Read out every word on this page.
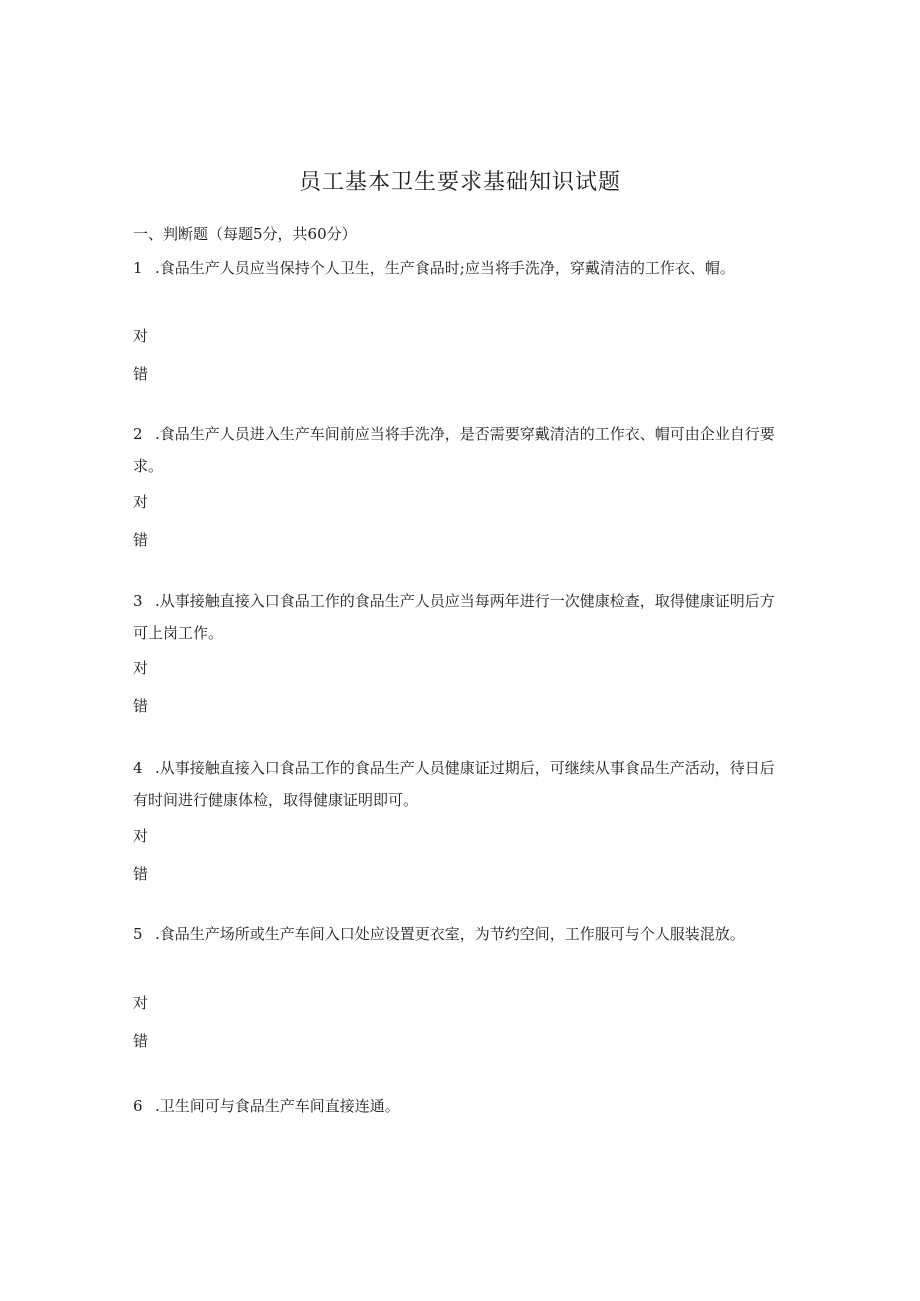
员工基本卫生要求基础知识试题
一、判断题（每题5分，共60分）
1 .食品生产人员应当保持个人卫生，生产食品时;应当将手洗净，穿戴清洁的工作衣、帽。
对
错
2 .食品生产人员进入生产车间前应当将手洗净，是否需要穿戴清洁的工作衣、帽可由企业自行要求。
对
错
3 .从事接触直接入口食品工作的食品生产人员应当每两年进行一次健康检查，取得健康证明后方可上岗工作。
对
错
4 .从事接触直接入口食品工作的食品生产人员健康证过期后，可继续从事食品生产活动，待日后有时间进行健康体检，取得健康证明即可。
对
错
5 .食品生产场所或生产车间入口处应设置更衣室，为节约空间，工作服可与个人服装混放。
对
错
6 .卫生间可与食品生产车间直接连通。
